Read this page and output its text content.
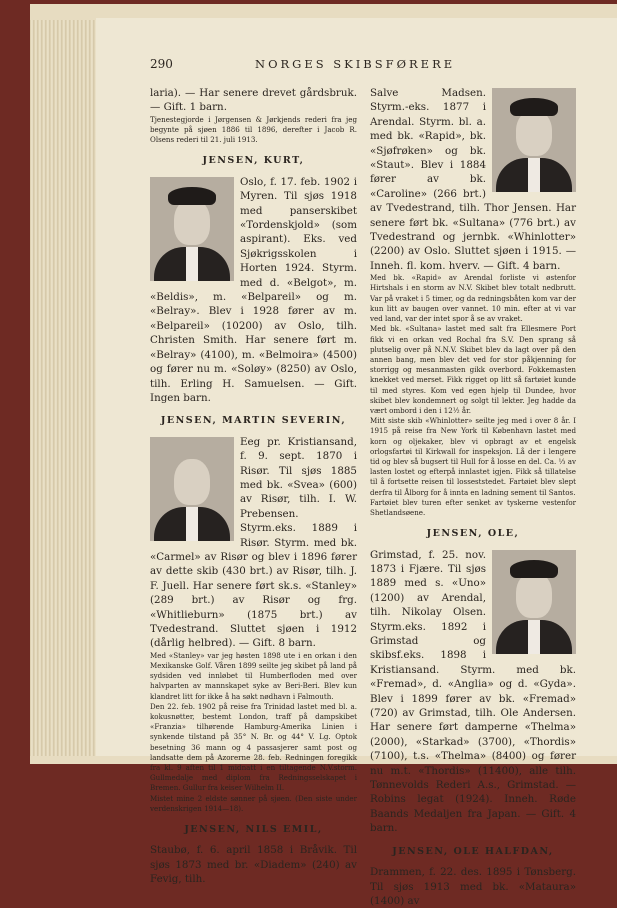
290	NORGES SKIBSFØRERE

laria). — Har senere drevet gårdsbruk. — Gift. 1 barn.

Tjenestegjorde i Jørgensen & Jørkjends rederi fra jeg begynte på sjøen 1886 til 1896, derefter i Jacob R. Olsens rederi til 21. juli 1913.

JENSEN, KURT,

Oslo, f. 17. feb. 1902 i Myren. Til sjøs 1918 med panserskibet «Tordenskjold» (som aspirant). Eks. ved Sjøkrigsskolen i Horten 1924. Styrm. med d. «Belgot», m. «Beldis», m. «Belpareil» og m. «Belray». Blev i 1928 fører av m. «Belpareil» (10200) av Oslo, tilh. Christen Smith. Har senere ført m. «Belray» (4100), m. «Belmoira» (4500) og fører nu m. «Soløy» (8250) av Oslo, tilh. Erling H. Samuelsen. — Gift. Ingen barn.

JENSEN, MARTIN SEVERIN,

Eeg pr. Kristiansand, f. 9. sept. 1870 i Risør. Til sjøs 1885 med bk. «Svea» (600) av Risør, tilh. I. W. Prebensen. Styrm.eks. 1889 i Risør. Styrm. med bk. «Carmel» av Risør og blev i 1896 fører av dette skib (430 brt.) av Risør, tilh. J. F. Juell. Har senere ført sk.s. «Stanley» (289 brt.) av Risør og frg. «Whitlieburn» (1875 brt.) av Tvedestrand. Sluttet sjøen i 1912 (dårlig helbred). — Gift. 8 barn.

Med «Stanley» var jeg høsten 1898 ute i en orkan i den Mexikanske Golf. Våren 1899 seilte jeg skibet på land på sydsiden ved innløbet til Humberfloden med over halvparten av mannskapet syke av Beri-Beri. Blev kun klandret litt for ikke å ha søkt nødhavn i Falmouth.

Den 22. feb. 1902 på reise fra Trinidad lastet med bl. a. kokusnøtter, bestemt London, traff på dampskibet «Franzia» tilhørende Hamburg-Amerika Linien i synkende tilstand på 35° N. Br. og 44° V. Lg. Optok besetning 36 mann og 4 passasjerer samt post og landsatte dem på Azorerne 28. feb. Redningen foregikk fra kl. 9 aften til 1 midnatt i en tiltagende N.V.storm. Gullmedalje med diplom fra Redningsselskapet i Bremen. Gullur fra keiser Wilhelm II.

Mistet mine 2 eldste sønner på sjøen. (Den siste under verdenskrigen 1914—18).

JENSEN, NILS EMIL,

Staubø, f. 6. april 1858 i Bråvik. Til sjøs 1873 med br. «Diadem» (240) av Fevig, tilh.

Salve Madsen. Styrm.-eks. 1877 i Arendal. Styrm. bl. a. med bk. «Rapid», bk. «Sjøfrøken» og bk. «Staut». Blev i 1884 fører av bk. «Caroline» (266 brt.) av Tvedestrand, tilh. Thor Jensen. Har senere ført bk. «Sultana» (776 brt.) av Tvedestrand og jernbk. «Whinlotter» (2200) av Oslo. Sluttet sjøen i 1915. — Inneh. fl. kom. hverv. — Gift. 4 barn.

Med bk. «Rapid» av Arendal forliste vi østenfor Hirtshals i en storm av N.V. Skibet blev totalt nedbrutt. Var på vraket i 5 timer, og da redningsbåten kom var der kun litt av baugen over vannet. 10 min. efter at vi var ved land, var der intet spor å se av vraket.

Med bk. «Sultana» lastet med salt fra Ellesmere Port fikk vi en orkan ved Rochal fra S.V. Den sprang så plutselig over på N.N.V. Skibet blev da lagt over på den annen bang, men blev det ved for stor påkjenning for storrigg og mesanmasten gikk overbord. Fokkemasten knekket ved merset. Fikk rigget op litt så fartøiet kunde til med styres. Kom ved egen hjelp til Dundee, hvor skibet blev kondemnert og solgt til lekter. Jeg hadde da vært ombord i den i 12½ år.

Mitt siste skib «Whinlotter» seilte jeg med i over 8 år. I 1915 på reise fra New York til København lastet med korn og oljekaker, blev vi opbragt av et engelsk orlogsfartøi til Kirkwall for inspeksjon. Lå der i lengere tid og blev så bugsert til Hull for å losse en del. Ca. ⅓ av lasten lostet og efterpå innlastet igjen. Fikk så tillatelse til å fortsette reisen til losseststedet. Fartøiet blev slept derfra til Ålborg for å innta en ladning sement til Santos.

Fartøiet blev turen efter senket av tyskerne vestenfor Shetlandsøene.

JENSEN, OLE,

Grimstad, f. 25. nov. 1873 i Fjære. Til sjøs 1889 med s. «Uno» (1200) av Arendal, tilh. Nikolay Olsen. Styrm.eks. 1892 i Grimstad og skibsf.eks. 1898 i Kristiansand. Styrm. med bk. «Fremad», d. «Anglia» og d. «Gyda». Blev i 1899 fører av bk. «Fremad» (720) av Grimstad, tilh. Ole Andersen. Har senere ført damperne «Thelma» (2000), «Starkad» (3700), «Thordis» (7100), t.s. «Thelma» (8400) og fører nu m.t. «Thordis» (11400), alle tilh. Tønnevolds Rederi A.s., Grimstad. — Robins legat (1924). Inneh. Røde Baands Medaljen fra Japan. — Gift. 4 barn.

JENSEN, OLE HALFDAN,

Drammen, f. 22. des. 1895 i Tønsberg. Til sjøs 1913 med bk. «Mataura» (1400) av
